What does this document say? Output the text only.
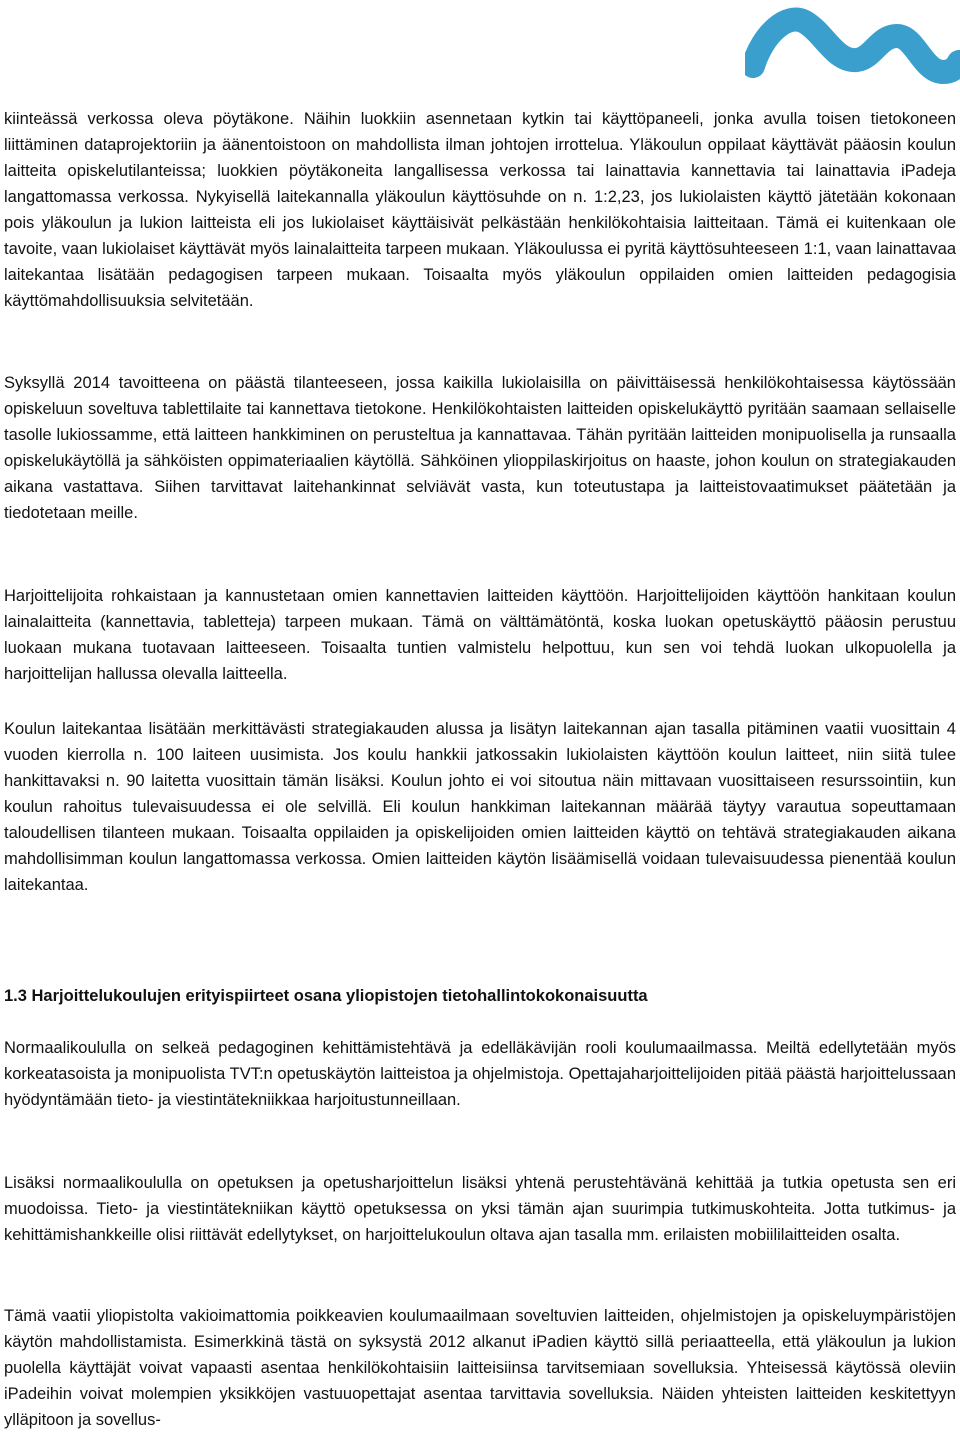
kiinteässä verkossa oleva pöytäkone. Näihin luokkiin asennetaan kytkin tai käyttöpaneeli, jonka avulla toisen tietokoneen liittäminen dataprojektoriin ja äänentoistoon on mahdollista ilman johtojen irrottelua. Yläkoulun oppilaat käyttävät pääosin koulun laitteita opiskelutilanteissa; luokkien pöytäkoneita langallisessa verkossa tai lainattavia kannettavia tai lainattavia iPadeja langattomassa verkossa. Nykyisellä laitekannalla yläkoulun käyttösuhde on n. 1:2,23, jos lukiolaisten käyttö jätetään kokonaan pois yläkoulun ja lukion laitteista eli jos lukiolaiset käyttäisivät pelkästään henkilökohtaisia laitteitaan. Tämä ei kuitenkaan ole tavoite, vaan lukiolaiset käyttävät myös lainalaitteita tarpeen mukaan. Yläkoulussa ei pyritä käyttösuhteeseen 1:1, vaan lainattavaa laitekantaa lisätään pedagogisen tarpeen mukaan. Toisaalta myös yläkoulun oppilaiden omien laitteiden pedagogisia käyttömahdollisuuksia selvitetään.

Syksyllä 2014 tavoitteena on päästä tilanteeseen, jossa kaikilla lukiolaisilla on päivittäisessä henkilökohtaisessa käytössään opiskeluun soveltuva tablettilaite tai kannettava tietokone. Henkilökohtaisten laitteiden opiskelukäyttö pyritään saamaan sellaiselle tasolle lukiossamme, että laitteen hankkiminen on perusteltua ja kannattavaa. Tähän pyritään laitteiden monipuolisella ja runsaalla opiskelukäytöllä ja sähköisten oppimateriaalien käytöllä. Sähköinen ylioppilaskirjoitus on haaste, johon koulun on strategiakauden aikana vastattava. Siihen tarvittavat laitehankinnat selviävät vasta, kun toteutustapa ja laitteistovaatimukset päätetään ja tiedotetaan meille.

Harjoittelijoita rohkaistaan ja kannustetaan omien kannettavien laitteiden käyttöön. Harjoittelijoiden käyttöön hankitaan koulun lainalaitteita (kannettavia, tabletteja) tarpeen mukaan. Tämä on välttämätöntä, koska luokan opetuskäyttö pääosin perustuu luokaan mukana tuotavaan laitteeseen. Toisaalta tuntien valmistelu helpottuu, kun sen voi tehdä luokan ulkopuolella ja harjoittelijan hallussa olevalla laitteella.

Koulun laitekantaa lisätään merkittävästi strategiakauden alussa ja lisätyn laitekannan ajan tasalla pitäminen vaatii vuosittain 4 vuoden kierrolla n. 100 laiteen uusimista. Jos koulu hankkii jatkossakin lukiolaisten käyttöön koulun laitteet, niin siitä tulee hankittavaksi n. 90 laitetta vuosittain tämän lisäksi. Koulun johto ei voi sitoutua näin mittavaan vuosittaiseen resurssointiin, kun koulun rahoitus tulevaisuudessa ei ole selvillä. Eli koulun hankkiman laitekannan määrää täytyy varautua sopeuttamaan taloudellisen tilanteen mukaan. Toisaalta oppilaiden ja opiskelijoiden omien laitteiden käyttö on tehtävä strategiakauden aikana mahdollisimman koulun langattomassa verkossa. Omien laitteiden käytön lisäämisellä voidaan tulevaisuudessa pienentää koulun laitekantaa.

1.3 Harjoittelukoulujen erityispiirteet osana yliopistojen tietohallintokokonaisuutta

Normaalikoululla on selkeä pedagoginen kehittämistehtävä ja edelläkävijän rooli koulumaailmassa. Meiltä edellytetään myös korkeatasoista ja monipuolista TVT:n opetuskäytön laitteistoa ja ohjelmistoja. Opettajaharjoittelijoiden pitää päästä harjoittelussaan hyödyntämään tieto- ja viestintätekniikkaa harjoitustunneillaan.

Lisäksi normaalikoululla on opetuksen ja opetusharjoittelun lisäksi yhtenä perustehtävänä kehittää ja tutkia opetusta sen eri muodoissa. Tieto- ja viestintätekniikan käyttö opetuksessa on yksi tämän ajan suurimpia tutkimuskohteita. Jotta tutkimus- ja kehittämishankkeille olisi riittävät edellytykset, on harjoittelukoulun oltava ajan tasalla mm. erilaisten mobiililaitteiden osalta.

Tämä vaatii yliopistolta vakioimattomia poikkeavien koulumaailmaan soveltuvien laitteiden, ohjelmistojen ja opiskeluympäristöjen käytön mahdollistamista. Esimerkkinä tästä on syksystä 2012 alkanut iPadien käyttö sillä periaatteella, että yläkoulun ja lukion puolella käyttäjät voivat vapaasti asentaa henkilökohtaisiin laitteisiinsa tarvitsemiaan sovelluksia. Yhteisessä käytössä oleviin iPadeihin voivat molempien yksikköjen vastuuopettajat asentaa tarvittavia sovelluksia. Näiden yhteisten laitteiden keskitettyyn ylläpitoon ja sovellus-
